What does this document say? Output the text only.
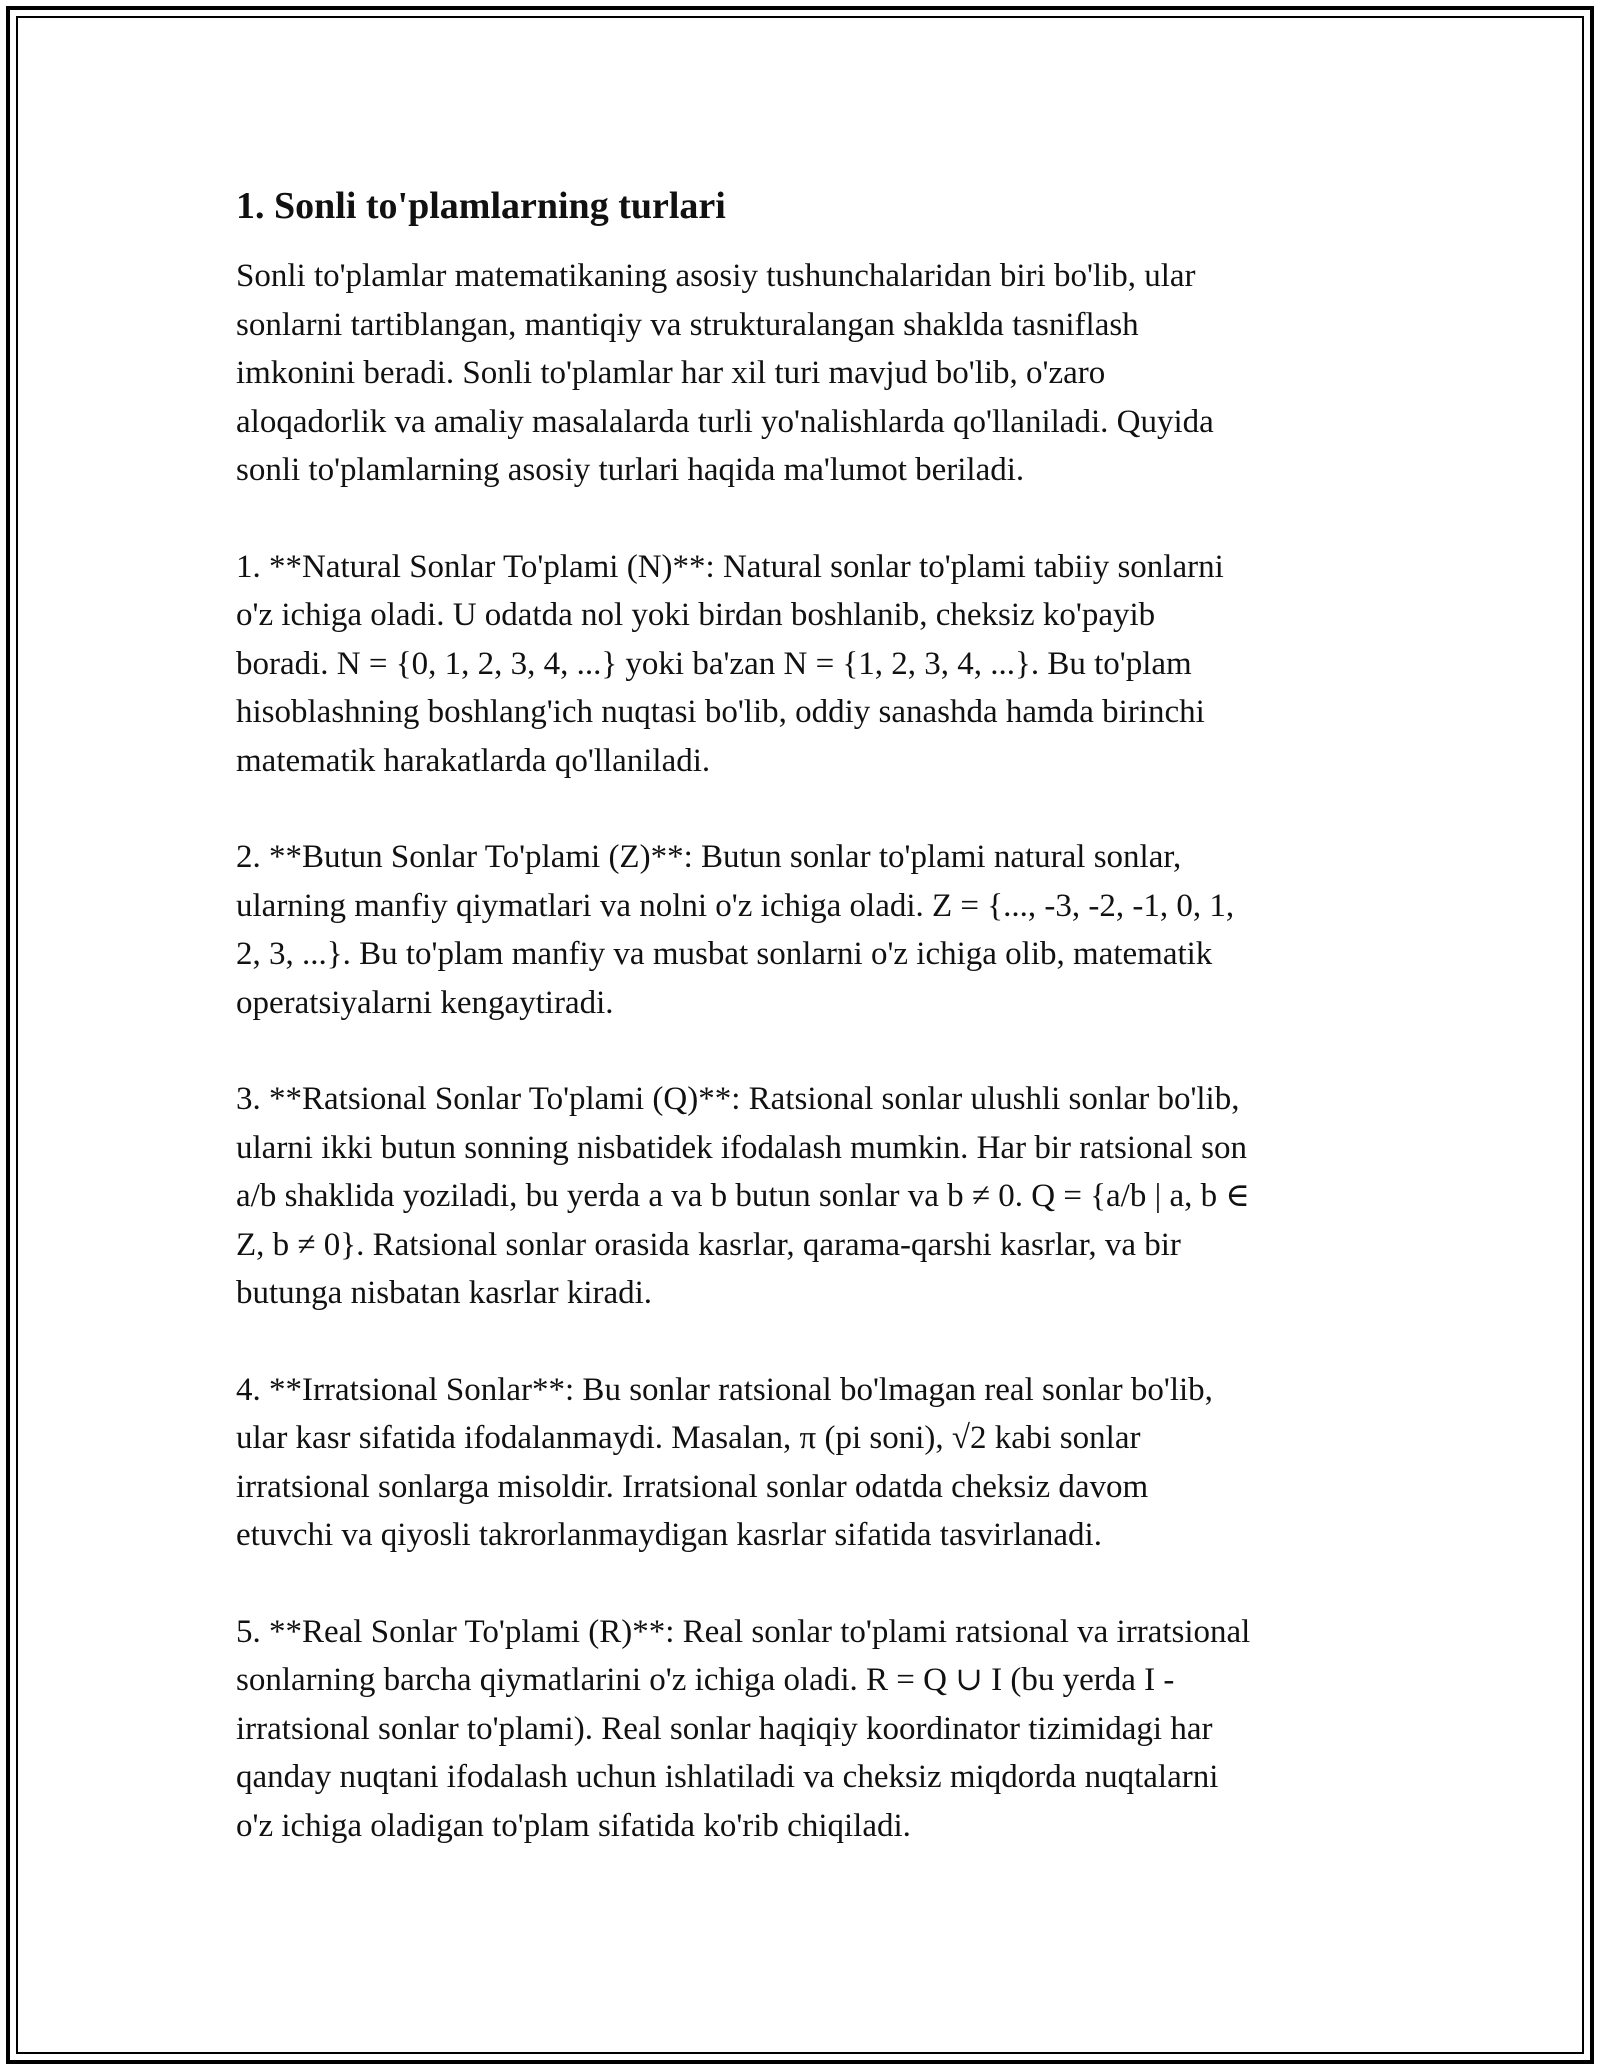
1. Sonli to'plamlarning turlari
Sonli to'plamlar matematikaning asosiy tushunchalaridan biri bo'lib, ular
sonlarni tartiblangan, mantiqiy va strukturalangan shaklda tasniflash
imkonini beradi. Sonli to'plamlar har xil turi mavjud bo'lib, o'zaro
aloqadorlik va amaliy masalalarda turli yo'nalishlarda qo'llaniladi. Quyida
sonli to'plamlarning asosiy turlari haqida ma'lumot beriladi.
1. **Natural Sonlar To'plami (N)**: Natural sonlar to'plami tabiiy sonlarni
o'z ichiga oladi. U odatda nol yoki birdan boshlanib, cheksiz ko'payib
boradi. N = {0, 1, 2, 3, 4, ...} yoki ba'zan N = {1, 2, 3, 4, ...}. Bu to'plam
hisoblashning boshlang'ich nuqtasi bo'lib, oddiy sanashda hamda birinchi
matematik harakatlarda qo'llaniladi.
2. **Butun Sonlar To'plami (Z)**: Butun sonlar to'plami natural sonlar,
ularning manfiy qiymatlari va nolni o'z ichiga oladi. Z = {..., -3, -2, -1, 0, 1,
2, 3, ...}. Bu to'plam manfiy va musbat sonlarni o'z ichiga olib, matematik
operatsiyalarni kengaytiradi.
3. **Ratsional Sonlar To'plami (Q)**: Ratsional sonlar ulushli sonlar bo'lib,
ularni ikki butun sonning nisbatidek ifodalash mumkin. Har bir ratsional son
a/b shaklida yoziladi, bu yerda a va b butun sonlar va b ≠ 0. Q = {a/b | a, b ∈
Z, b ≠ 0}. Ratsional sonlar orasida kasrlar, qarama-qarshi kasrlar, va bir
butunga nisbatan kasrlar kiradi.
4. **Irratsional Sonlar**: Bu sonlar ratsional bo'lmagan real sonlar bo'lib,
ular kasr sifatida ifodalanmaydi. Masalan, π (pi soni), √2 kabi sonlar
irratsional sonlarga misoldir. Irratsional sonlar odatda cheksiz davom
etuvchi va qiyosli takrorlanmaydigan kasrlar sifatida tasvirlanadi.
5. **Real Sonlar To'plami (R)**: Real sonlar to'plami ratsional va irratsional
sonlarning barcha qiymatlarini o'z ichiga oladi. R = Q ∪ I (bu yerda I -
irratsional sonlar to'plami). Real sonlar haqiqiy koordinator tizimidagi har
qanday nuqtani ifodalash uchun ishlatiladi va cheksiz miqdorda nuqtalarni
o'z ichiga oladigan to'plam sifatida ko'rib chiqiladi.
